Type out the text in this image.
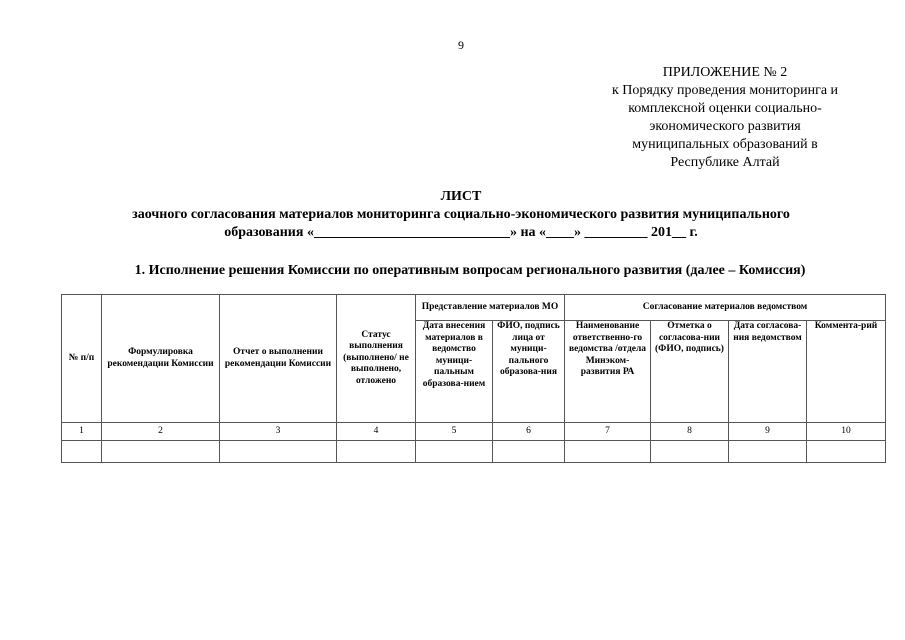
9
ПРИЛОЖЕНИЕ № 2
к Порядку проведения мониторинга и
комплексной оценки социально-
экономического развития
муниципальных образований в
Республике Алтай
ЛИСТ
заочного согласования материалов мониторинга социально-экономического развития муниципального
образования «____________________________» на «____» _________ 201__ г.
1. Исполнение решения Комиссии по оперативным вопросам регионального развития (далее – Комиссия)
№ п/п	Формулировка рекомендации Комиссии	Отчет о выполнении рекомендации Комиссии	Статус выполнения (выполнено/ не выполнено, отложено	Представление материалов МО		Согласование материалов ведомством			
				Дата внесения материалов в ведомство муници-пальным образова-нием	ФИО, подпись лица от муници-пального образова-ния	Наименование ответственно-го ведомства /отдела Минэком-развития РА	Отметка о согласова-нии (ФИО, подпись)	Дата согласова-ния ведомством	Коммента-рий
1	2	3	4	5	6	7	8	9	10
